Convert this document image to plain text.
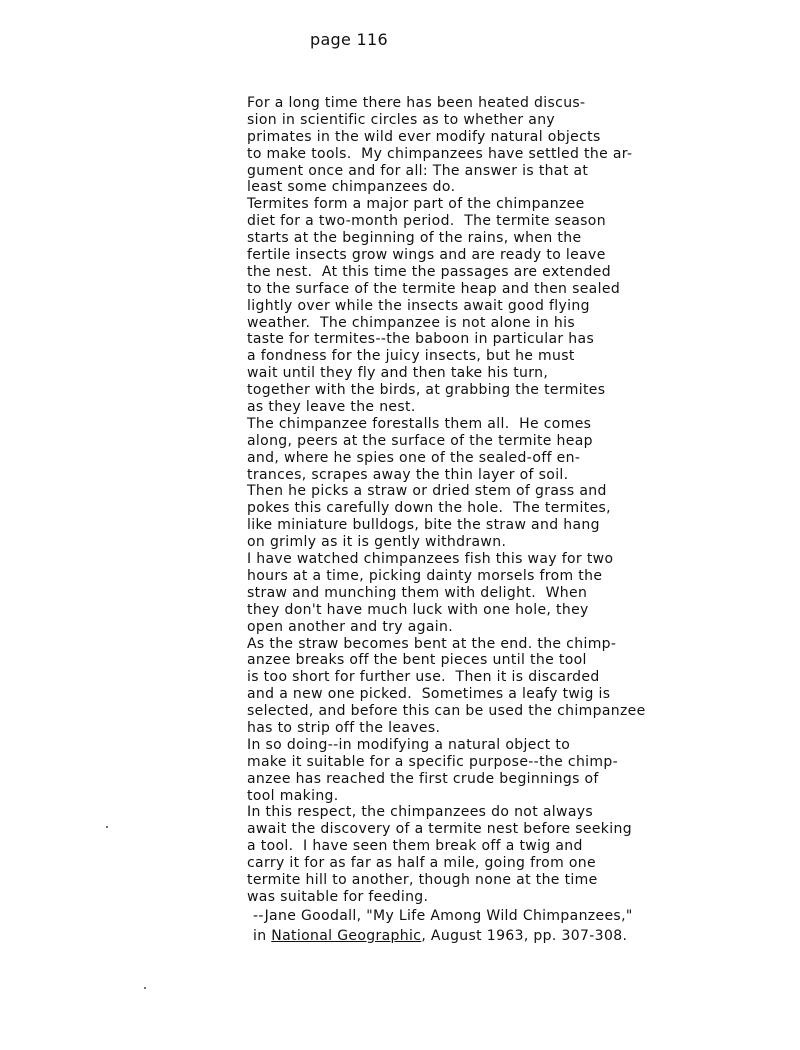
page 116
For a long time there has been heated discus-
sion in scientific circles as to whether any
primates in the wild ever modify natural objects
to make tools.  My chimpanzees have settled the ar-
gument once and for all: The answer is that at
least some chimpanzees do.
Termites form a major part of the chimpanzee
diet for a two-month period.  The termite season
starts at the beginning of the rains, when the
fertile insects grow wings and are ready to leave
the nest.  At this time the passages are extended
to the surface of the termite heap and then sealed
lightly over while the insects await good flying
weather.  The chimpanzee is not alone in his
taste for termites--the baboon in particular has
a fondness for the juicy insects, but he must
wait until they fly and then take his turn,
together with the birds, at grabbing the termites
as they leave the nest.
The chimpanzee forestalls them all.  He comes
along, peers at the surface of the termite heap
and, where he spies one of the sealed-off en-
trances, scrapes away the thin layer of soil.
Then he picks a straw or dried stem of grass and
pokes this carefully down the hole.  The termites,
like miniature bulldogs, bite the straw and hang
on grimly as it is gently withdrawn.
I have watched chimpanzees fish this way for two
hours at a time, picking dainty morsels from the
straw and munching them with delight.  When
they don't have much luck with one hole, they
open another and try again.
As the straw becomes bent at the end. the chimp-
anzee breaks off the bent pieces until the tool
is too short for further use.  Then it is discarded
and a new one picked.  Sometimes a leafy twig is
selected, and before this can be used the chimpanzee
has to strip off the leaves.
In so doing--in modifying a natural object to
make it suitable for a specific purpose--the chimp-
anzee has reached the first crude beginnings of
tool making.
In this respect, the chimpanzees do not always
await the discovery of a termite nest before seeking
a tool.  I have seen them break off a twig and
carry it for as far as half a mile, going from one
termite hill to another, though none at the time
was suitable for feeding.
--Jane Goodall, "My Life Among Wild Chimpanzees,"
in National Geographic, August 1963, pp. 307-308.
